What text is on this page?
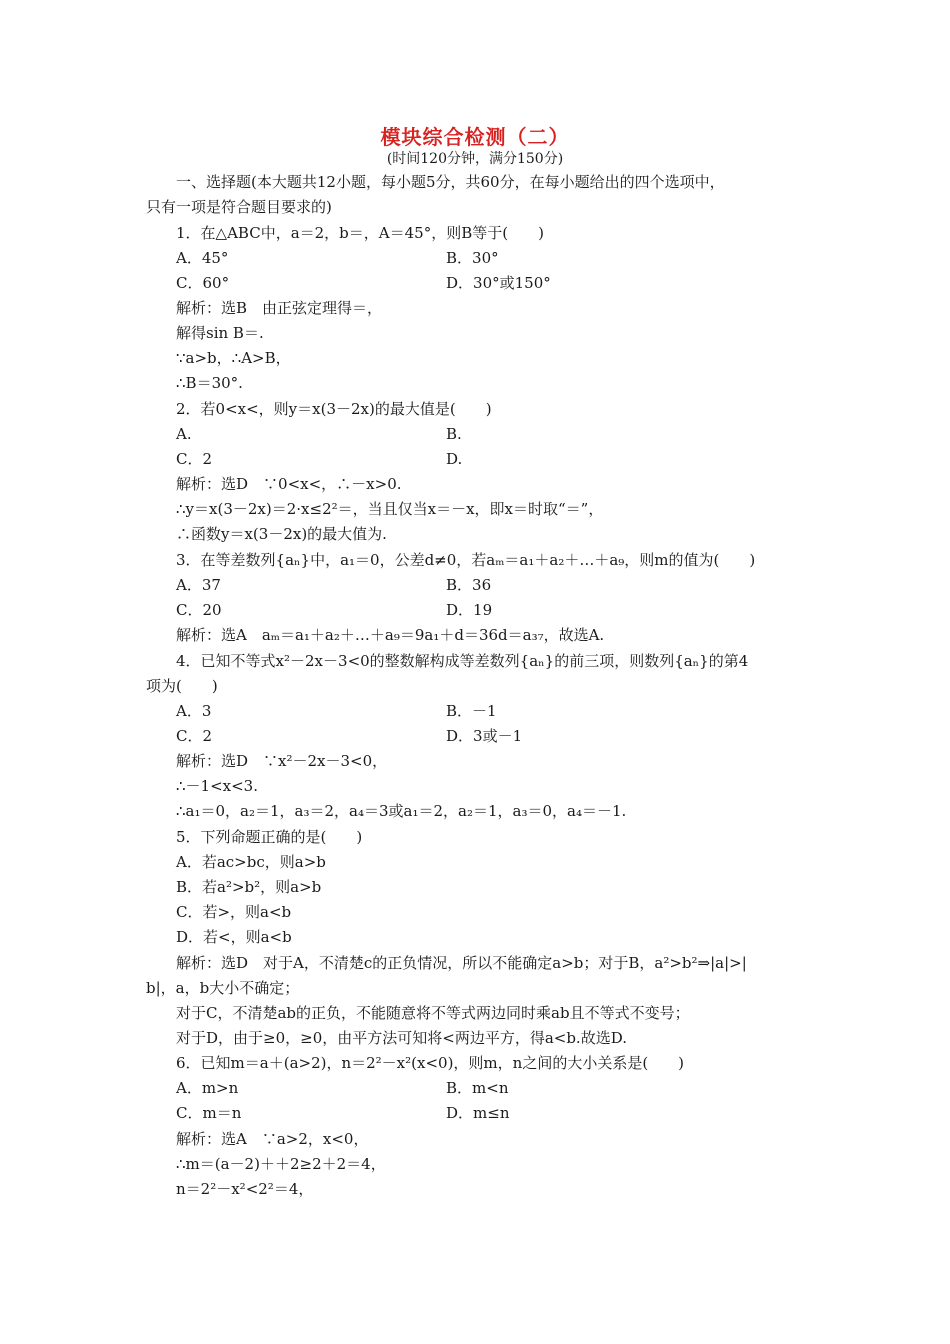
模块综合检测（二）
(时间120分钟，满分150分)
一、选择题(本大题共12小题，每小题5分，共60分，在每小题给出的四个选项中，
只有一项是符合题目要求的)
1．在△ABC中，a＝2，b＝，A＝45°，则B等于(　　)
A．45°	B．30°
C．60°	D．30°或150°
解析：选B　由正弦定理得＝，
解得sin B＝.
∵a>b，∴A>B，
∴B＝30°.
2．若0<x<，则y＝x(3－2x)的最大值是(　　)
A.	B.
C．2	D.
解析：选D　∵0<x<，∴－x>0.
∴y＝x(3－2x)＝2·x≤2²＝，当且仅当x＝－x，即x＝时取“＝”，
∴函数y＝x(3－2x)的最大值为.
3．在等差数列{aₙ}中，a₁＝0，公差d≠0，若aₘ＝a₁＋a₂＋…＋a₉，则m的值为(　　)
A．37	B．36
C．20	D．19
解析：选A　aₘ＝a₁＋a₂＋…＋a₉＝9a₁＋d＝36d＝a₃₇，故选A.
4．已知不等式x²－2x－3<0的整数解构成等差数列{aₙ}的前三项，则数列{aₙ}的第4
项为(　　)
A．3	B．－1
C．2	D．3或－1
解析：选D　∵x²－2x－3<0，
∴－1<x<3.
∴a₁＝0，a₂＝1，a₃＝2，a₄＝3或a₁＝2，a₂＝1，a₃＝0，a₄＝－1.
5．下列命题正确的是(　　)
A．若ac>bc，则a>b
B．若a²>b²，则a>b
C．若>，则a<b
D．若<，则a<b
解析：选D　对于A，不清楚c的正负情况，所以不能确定a>b；对于B，a²>b²⇒|a|>|
b|，a，b大小不确定；
对于C，不清楚ab的正负，不能随意将不等式两边同时乘ab且不等式不变号；
对于D，由于≥0，≥0，由平方法可知将<两边平方，得a<b.故选D.
6．已知m＝a＋(a>2)，n＝2²－x²(x<0)，则m，n之间的大小关系是(　　)
A．m>n	B．m<n
C．m＝n	D．m≤n
解析：选A　∵a>2，x<0，
∴m＝(a－2)＋＋2≥2＋2＝4，
n＝2²－x²<2²＝4，
